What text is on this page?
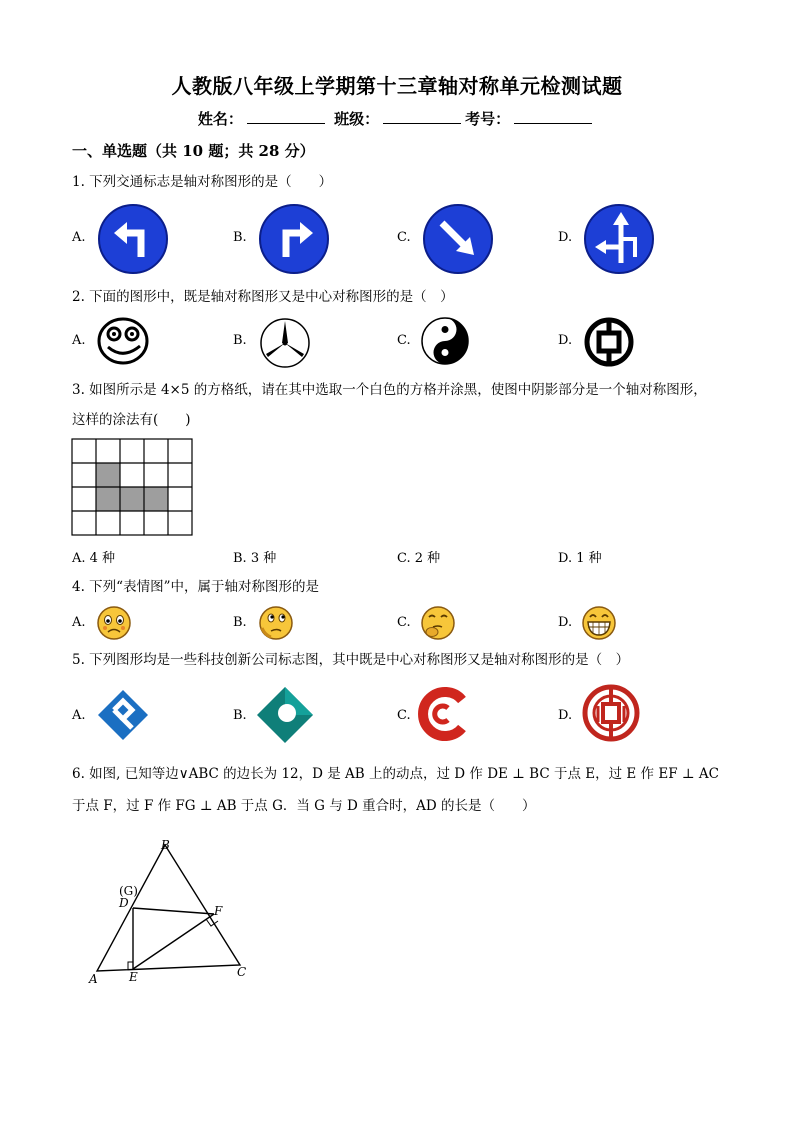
人教版八年级上学期第十三章轴对称单元检测试题
姓名：	班级：	考号：
一、单选题（共 10 题；共 28 分）
1. 下列交通标志是轴对称图形的是（　　）
A.	B.	C.	D.
2. 下面的图形中，既是轴对称图形又是中心对称图形的是（　）
A.	B.	C.	D.
3. 如图所示是 4×5 的方格纸，请在其中选取一个白色的方格并涂黑，使图中阴影部分是一个轴对称图形，
这样的涂法有(　　)
A. 4 种	B. 3 种	C. 2 种	D. 1 种
4. 下列“表情图”中，属于轴对称图形的是
A.	B.	C.	D.
5. 下列图形均是一些科技创新公司标志图，其中既是中心对称图形又是轴对称图形的是（　）
A.	B.	C.	D.
6. 如图, 已知等边∨ABC 的边长为 12，D 是 AB 上的动点，过 D 作 DE ⊥ BC 于点 E，过 E 作 EF ⊥ AC
于点 F，过 F 作 FG ⊥ AB 于点 G．当 G 与 D 重合时，AD 的长是（　　）
B
(G)
D
F
A	E	C
